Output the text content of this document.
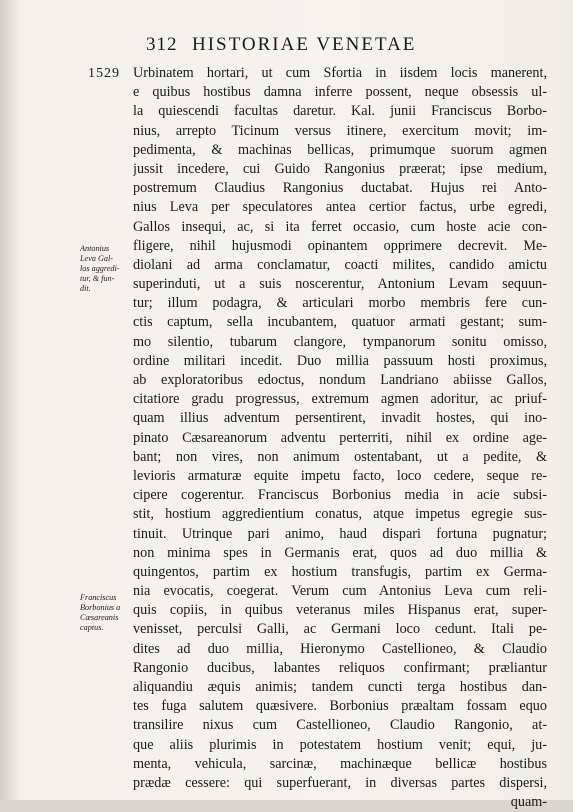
312 HISTORIAE VENETAE
1529
Antonius
Leva Gal-
los aggredi-
tur, & fun-
dit.
Franciscus
Borbonius a
Cæsareanis
captus.
Urbinatem hortari, ut cum Sfortia in iisdem locis manerent,
e quibus hostibus damna inferre possent, neque obsessis ul-
la quiescendi facultas daretur. Kal. junii Franciscus Borbo-
nius, arrepto Ticinum versus itinere, exercitum movit; im-
pedimenta, & machinas bellicas, primumque suorum agmen
jussit incedere, cui Guido Rangonius præerat; ipse medium,
postremum Claudius Rangonius ductabat. Hujus rei Anto-
nius Leva per speculatores antea certior factus, urbe egredi,
Gallos insequi, ac, si ita ferret occasio, cum hoste acie con-
fligere, nihil hujusmodi opinantem opprimere decrevit. Me-
diolani ad arma conclamatur, coacti milites, candido amictu
superinduti, ut a suis noscerentur, Antonium Levam sequun-
tur; illum podagra, & articulari morbo membris fere cun-
ctis captum, sella incubantem, quatuor armati gestant; sum-
mo silentio, tubarum clangore, tympanorum sonitu omisso,
ordine militari incedit. Duo millia passuum hosti proximus,
ab exploratoribus edoctus, nondum Landriano abiisse Gallos,
citatiore gradu progressus, extremum agmen adoritur, ac priuf-
quam illius adventum persentirent, invadit hostes, qui ino-
pinato Cæsareanorum adventu perterriti, nihil ex ordine age-
bant; non vires, non animum ostentabant, ut a pedite, &
levioris armaturæ equite impetu facto, loco cedere, seque re-
cipere cogerentur. Franciscus Borbonius media in acie subsi-
stit, hostium aggredientium conatus, atque impetus egregie sus-
tinuit. Utrinque pari animo, haud dispari fortuna pugnatur;
non minima spes in Germanis erat, quos ad duo millia &
quingentos, partim ex hostium transfugis, partim ex Germa-
nia evocatis, coegerat. Verum cum Antonius Leva cum reli-
quis copiis, in quibus veteranus miles Hispanus erat, super-
venisset, perculsi Galli, ac Germani loco cedunt. Itali pe-
dites ad duo millia, Hieronymo Castellioneo, & Claudio
Rangonio ducibus, labantes reliquos confirmant; præliantur
aliquandiu æquis animis; tandem cuncti terga hostibus dan-
tes fuga salutem quæsivere. Borbonius præaltam fossam equo
transilire nixus cum Castellioneo, Claudio Rangonio, at-
que aliis plurimis in potestatem hostium venit; equi, ju-
menta, vehicula, sarcinæ, machinæque bellicæ hostibus
prædæ cessere: qui superfuerant, in diversas partes dispersi,
quam-
